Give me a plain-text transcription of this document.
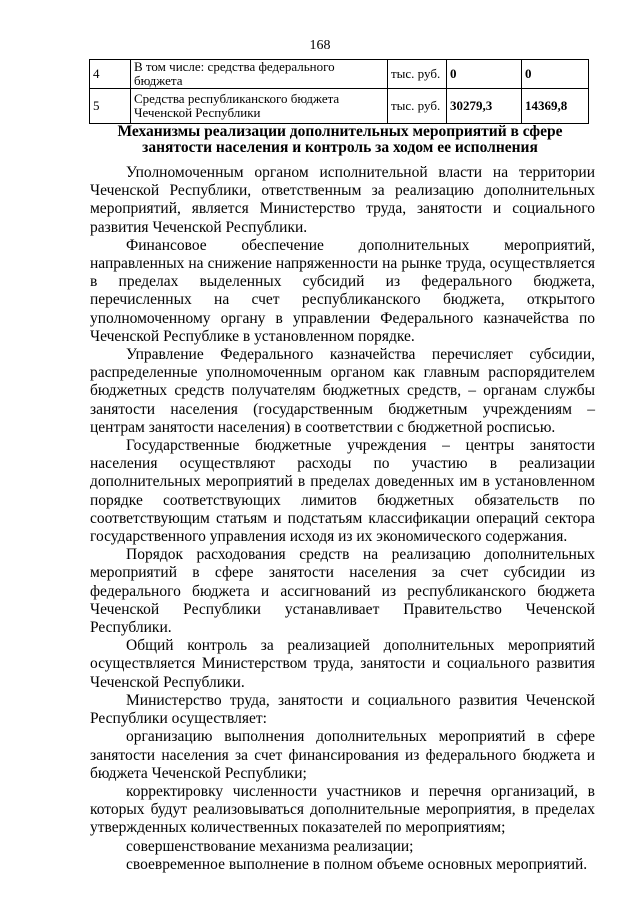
168
4	В том числе: средства федерального бюджета	тыс. руб.	0	0
5	Средства республиканского бюджета Чеченской Республики	тыс. руб.	30279,3	14369,8
Механизмы реализации дополнительных мероприятий в сфере занятости населения и контроль за ходом ее исполнения

Уполномоченным органом исполнительной власти на территории Чеченской Республики, ответственным за реализацию дополнительных мероприятий, является Министерство труда, занятости и социального развития Чеченской Республики.

Финансовое обеспечение дополнительных мероприятий, направленных на снижение напряженности на рынке труда, осуществляется в пределах выделенных субсидий из федерального бюджета, перечисленных на счет республиканского бюджета, открытого уполномоченному органу в управлении Федерального казначейства по Чеченской Республике в установленном порядке.

Управление Федерального казначейства перечисляет субсидии, распределенные уполномоченным органом как главным распорядителем бюджетных средств получателям бюджетных средств, – органам службы занятости населения (государственным бюджетным учреждениям – центрам занятости населения) в соответствии с бюджетной росписью.

Государственные бюджетные учреждения – центры занятости населения осуществляют расходы по участию в реализации дополнительных мероприятий в пределах доведенных им в установленном порядке соответствующих лимитов бюджетных обязательств по соответствующим статьям и подстатьям классификации операций сектора государственного управления исходя из их экономического содержания.

Порядок расходования средств на реализацию дополнительных мероприятий в сфере занятости населения за счет субсидии из федерального бюджета и ассигнований из республиканского бюджета Чеченской Республики устанавливает Правительство Чеченской Республики.

Общий контроль за реализацией дополнительных мероприятий осуществляется Министерством труда, занятости и социального развития Чеченской Республики.

Министерство труда, занятости и социального развития Чеченской Республики осуществляет:

организацию выполнения дополнительных мероприятий в сфере занятости населения за счет финансирования из федерального бюджета и бюджета Чеченской Республики;

корректировку численности участников и перечня организаций, в которых будут реализовываться дополнительные мероприятия, в пределах утвержденных количественных показателей по мероприятиям;

совершенствование механизма реализации;

своевременное выполнение в полном объеме основных мероприятий.
